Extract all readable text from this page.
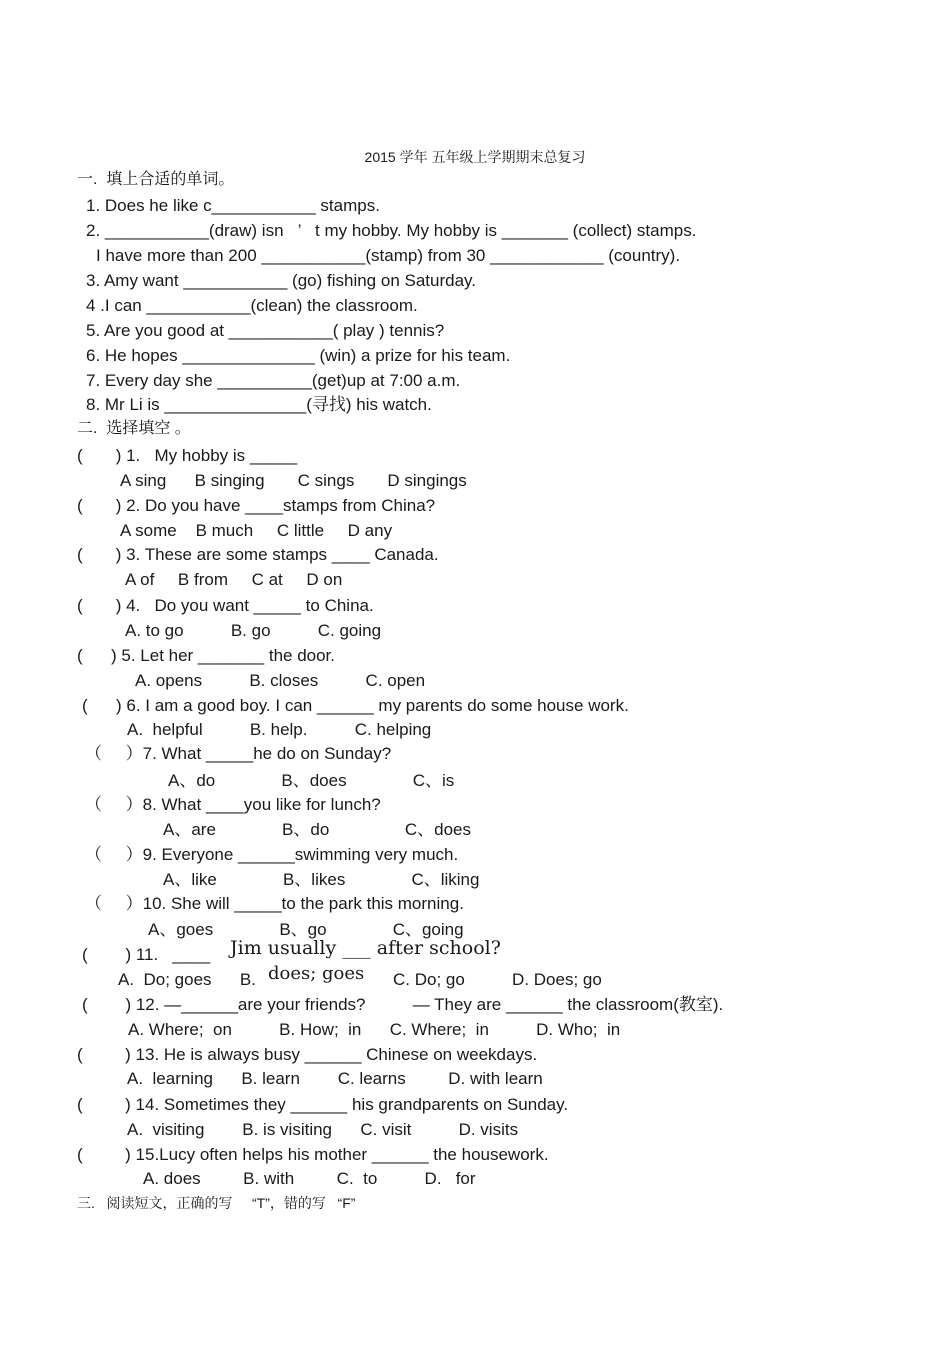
2015 学年 五年级上学期期末总复习
一.  填上合适的单词。
1. Does he like c___________ stamps.
2. ___________(draw) isn   ’   t my hobby. My hobby is _______ (collect) stamps.
I have more than 200 ___________(stamp) from 30 ____________ (country).
3. Amy want ___________ (go) fishing on Saturday.
4 .I can ___________(clean) the classroom.
5. Are you good at ___________( play ) tennis?
6. He hopes ______________ (win) a prize for his team.
7. Every day she __________(get)up at 7:00 a.m.
8. Mr Li is _______________(寻找) his watch.
二.  选择填空 。
(       ) 1.   My hobby is _____
A sing      B singing       C sings       D singings
(       ) 2. Do you have ____stamps from China?
A some    B much     C little     D any
(       ) 3. These are some stamps ____ Canada.
A of     B from     C at     D on
(       ) 4.   Do you want _____ to China.
A. to go          B. go          C. going
(      ) 5. Let her _______ the door.
A. opens          B. closes          C. open
(      ) 6. I am a good boy. I can ______ my parents do some house work.
A.  helpful          B. help.          C. helping
（     ）7. What _____he do on Sunday?
A、do              B、does              C、is
（     ）8. What ____you like for lunch?
A、are              B、do                C、does
（     ）9. Everyone ______swimming very much.
A、like              B、likes              C、liking
（     ）10. She will _____to the park this morning.
A、goes              B、go              C、going
(        ) 11.   ____ Jim usually ___ after school?
A.  Do; goes      B. does; goes C. Do; go          D. Does; go
(        ) 12. —______are your friends?          — They are ______ the classroom(教室).
A. Where;  on          B. How;  in      C. Where;  in          D. Who;  in
(         ) 13. He is always busy ______ Chinese on weekdays.
A.  learning      B. learn        C. learns         D. with learn
(         ) 14. Sometimes they ______ his grandparents on Sunday.
A.  visiting        B. is visiting      C. visit          D. visits
(         ) 15.Lucy often helps his mother ______ the housework.
A. does         B. with         C.  to          D.   for
三.   阅读短文，正确的写     “T”，错的写   “F”
